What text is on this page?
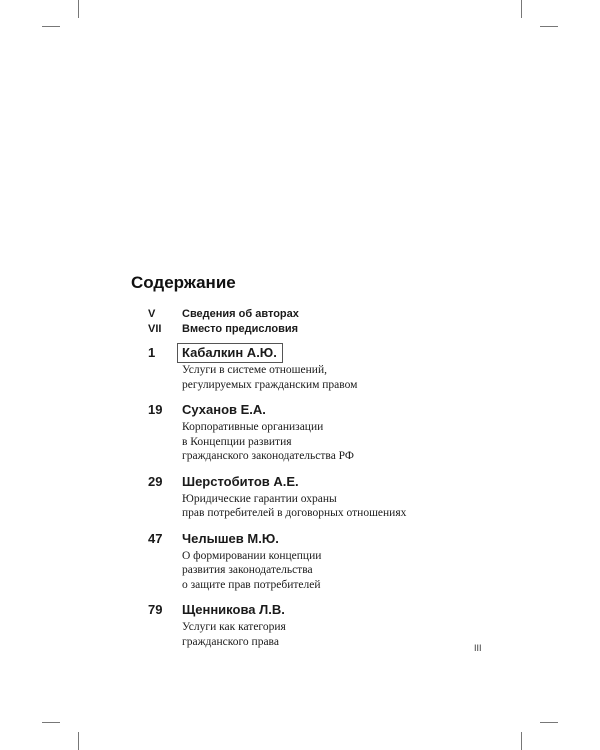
Содержание
V	Сведения об авторах
VII	Вместо предисловия
1	Кабалкин А.Ю.
Услуги в системе отношений,
регулируемых гражданским правом
19	Суханов Е.А.
Корпоративные организации
в Концепции развития
гражданского законодательства РФ
29	Шерстобитов А.Е.
Юридические гарантии охраны
прав потребителей в договорных отношениях
47	Челышев М.Ю.
О формировании концепции
развития законодательства
о защите прав потребителей
79	Щенникова Л.В.
Услуги как категория
гражданского права
III
